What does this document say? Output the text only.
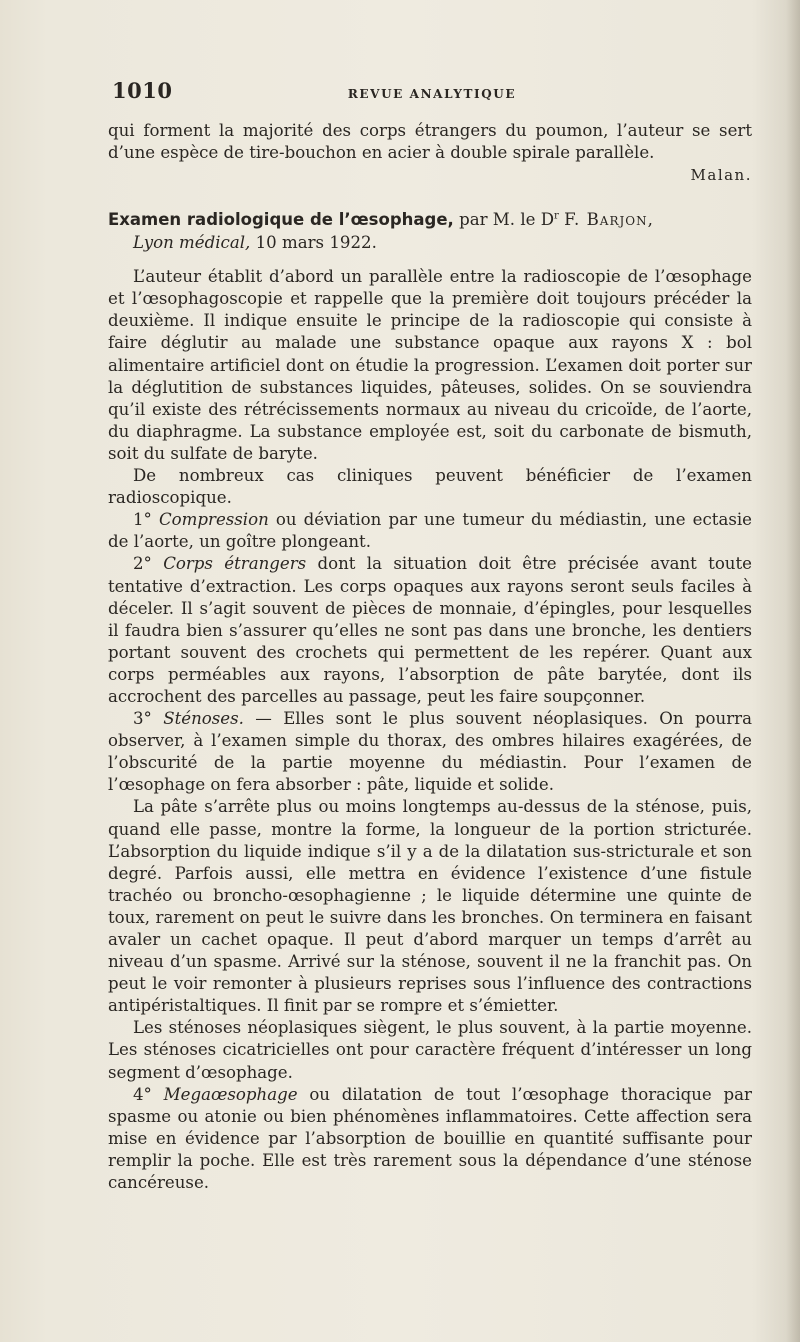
1010	REVUE ANALYTIQUE

qui forment la majorité des corps étrangers du poumon, l’auteur se sert d’une espèce de tire-bouchon en acier à double spirale parallèle.

Malan.

Examen radiologique de l’œsophage, par M. le $D^r$ F. Barjon,

Lyon médical, 10 mars 1922.

L’auteur établit d’abord un parallèle entre la radioscopie de l’œsophage et l’œsophagoscopie et rappelle que la première doit toujours précéder la deuxième. Il indique ensuite le principe de la radioscopie qui consiste à faire déglutir au malade une substance opaque aux rayons X : bol alimentaire artificiel dont on étudie la progression. L’examen doit porter sur la déglutition de substances liquides, pâteuses, solides. On se souviendra qu’il existe des rétrécissements normaux au niveau du cricoïde, de l’aorte, du diaphragme. La substance employée est, soit du carbonate de bismuth, soit du sulfate de baryte.

De nombreux cas cliniques peuvent bénéficier de l’examen radioscopique.

1° Compression ou déviation par une tumeur du médiastin, une ectasie de l’aorte, un goître plongeant.

2° Corps étrangers dont la situation doit être précisée avant toute tentative d’extraction. Les corps opaques aux rayons seront seuls faciles à déceler. Il s’agit souvent de pièces de monnaie, d’épingles, pour lesquelles il faudra bien s’assurer qu’elles ne sont pas dans une bronche, les dentiers portant souvent des crochets qui permettent de les repérer. Quant aux corps perméables aux rayons, l’absorption de pâte barytée, dont ils accrochent des parcelles au passage, peut les faire soupçonner.

3° Sténoses. — Elles sont le plus souvent néoplasiques. On pourra observer, à l’examen simple du thorax, des ombres hilaires exagérées, de l’obscurité de la partie moyenne du médiastin. Pour l’examen de l’œsophage on fera absorber : pâte, liquide et solide.

La pâte s’arrête plus ou moins longtemps au-dessus de la sténose, puis, quand elle passe, montre la forme, la longueur de la portion stricturée. L’absorption du liquide indique s’il y a de la dilatation sus-stricturale et son degré. Parfois aussi, elle mettra en évidence l’existence d’une fistule trachéo ou broncho-œsophagienne ; le liquide détermine une quinte de toux, rarement on peut le suivre dans les bronches. On terminera en faisant avaler un cachet opaque. Il peut d’abord marquer un temps d’arrêt au niveau d’un spasme. Arrivé sur la sténose, souvent il ne la franchit pas. On peut le voir remonter à plusieurs reprises sous l’influence des contractions antipéristaltiques. Il finit par se rompre et s’émietter.

Les sténoses néoplasiques siègent, le plus souvent, à la partie moyenne. Les sténoses cicatricielles ont pour caractère fréquent d’intéresser un long segment d’œsophage.

4° Megaœsophage ou dilatation de tout l’œsophage thoracique par spasme ou atonie ou bien phénomènes inflammatoires. Cette affection sera mise en évidence par l’absorption de bouillie en quantité suffisante pour remplir la poche. Elle est très rarement sous la dépendance d’une sténose cancéreuse.
